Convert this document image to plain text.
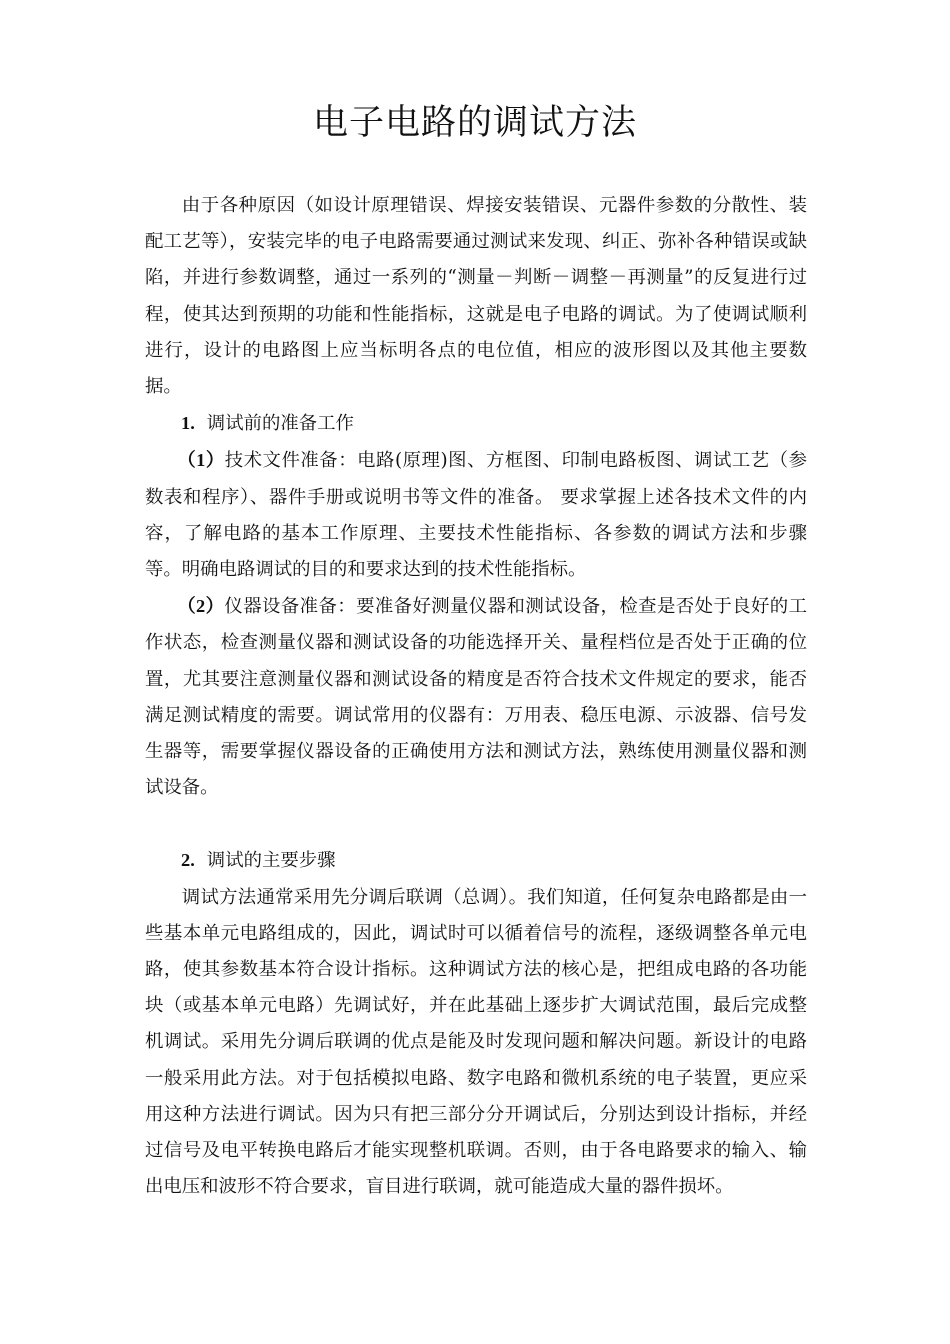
电子电路的调试方法

由于各种原因（如设计原理错误、焊接安装错误、元器件参数的分散性、装配工艺等），安装完毕的电子电路需要通过测试来发现、纠正、弥补各种错误或缺陷，并进行参数调整，通过一系列的“测量－判断－调整－再测量”的反复进行过程，使其达到预期的功能和性能指标，这就是电子电路的调试。为了使调试顺利进行，设计的电路图上应当标明各点的电位值，相应的波形图以及其他主要数据。

1. 调试前的准备工作

（1）技术文件准备：电路(原理)图、方框图、印制电路板图、调试工艺（参数表和程序）、器件手册或说明书等文件的准备。 要求掌握上述各技术文件的内容，了解电路的基本工作原理、主要技术性能指标、各参数的调试方法和步骤等。明确电路调试的目的和要求达到的技术性能指标。

（2）仪器设备准备：要准备好测量仪器和测试设备，检查是否处于良好的工作状态，检查测量仪器和测试设备的功能选择开关、量程档位是否处于正确的位置，尤其要注意测量仪器和测试设备的精度是否符合技术文件规定的要求，能否满足测试精度的需要。调试常用的仪器有：万用表、稳压电源、示波器、信号发生器等，需要掌握仪器设备的正确使用方法和测试方法，熟练使用测量仪器和测试设备。

2. 调试的主要步骤

调试方法通常采用先分调后联调（总调）。我们知道，任何复杂电路都是由一些基本单元电路组成的，因此，调试时可以循着信号的流程，逐级调整各单元电路，使其参数基本符合设计指标。这种调试方法的核心是，把组成电路的各功能块（或基本单元电路）先调试好，并在此基础上逐步扩大调试范围，最后完成整机调试。采用先分调后联调的优点是能及时发现问题和解决问题。新设计的电路一般采用此方法。对于包括模拟电路、数字电路和微机系统的电子装置，更应采用这种方法进行调试。因为只有把三部分分开调试后，分别达到设计指标，并经过信号及电平转换电路后才能实现整机联调。否则，由于各电路要求的输入、输出电压和波形不符合要求，盲目进行联调，就可能造成大量的器件损坏。
